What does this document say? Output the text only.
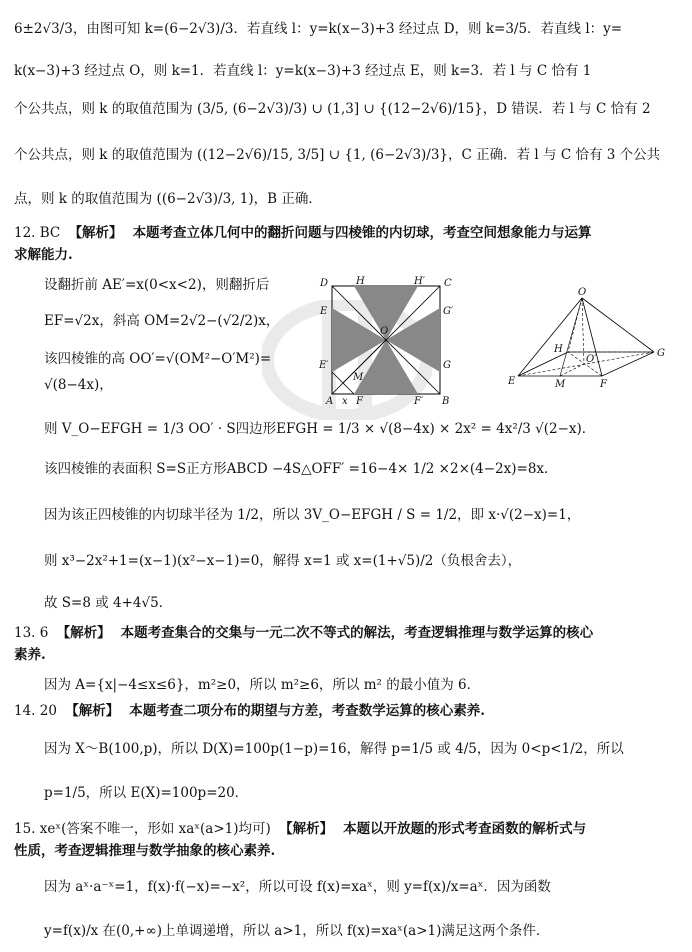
6±2√3/3，由图可知 k=(6−2√3)/3．若直线 l：y=k(x−3)+3 经过点 D，则 k=3/5．若直线 l：y=
k(x−3)+3 经过点 O，则 k=1．若直线 l：y=k(x−3)+3 经过点 E，则 k=3．若 l 与 C 恰有 1
个公共点，则 k 的取值范围为 (3/5, (6−2√3)/3) ∪ (1,3] ∪ {(12−2√6)/15}，D 错误．若 l 与 C 恰有 2
个公共点，则 k 的取值范围为 ((12−2√6)/15, 3/5] ∪ {1, (6−2√3)/3}，C 正确．若 l 与 C 恰有 3 个公共
点，则 k 的取值范围为 ((6−2√3)/3, 1)，B 正确．
12. BC 【解析】 本题考查立体几何中的翻折问题与四棱锥的内切球，考查空间想象能力与运算
求解能力.
设翻折前 AE′=x(0<x<2)，则翻折后
EF=√2x，斜高 OM=2√2−(√2/2)x，
该四棱锥的高 OO′=√(OM²−O′M²)=
√(8−4x)，
则 V_O−EFGH = 1/3 OO′ · S四边形EFGH = 1/3 × √(8−4x) × 2x² = 4x²/3 √(2−x)．
该四棱锥的表面积 S=S正方形ABCD −4S△OFF′ =16−4× 1/2 ×2×(4−2x)=8x．
因为该正四棱锥的内切球半径为 1/2，所以 3V_O−EFGH / S = 1/2，即 x·√(2−x)=1，
则 x³−2x²+1=(x−1)(x²−x−1)=0，解得 x=1 或 x=(1+√5)/2（负根舍去），
故 S=8 或 4+4√5．
D	H	H′ C
E	G′
O
G
E′
M
A x F	F′ B
O
H
O′
G
E	M	F
13. 6 【解析】 本题考查集合的交集与一元二次不等式的解法，考查逻辑推理与数学运算的核心
素养.
因为 A={x|−4≤x≤6}，m²≥0，所以 m²≥6，所以 m² 的最小值为 6．
14. 20 【解析】 本题考查二项分布的期望与方差，考查数学运算的核心素养.
因为 X～B(100,p)，所以 D(X)=100p(1−p)=16，解得 p=1/5 或 4/5，因为 0<p<1/2，所以
p=1/5，所以 E(X)=100p=20．
15. xeˣ(答案不唯一，形如 xaˣ(a>1)均可) 【解析】 本题以开放题的形式考查函数的解析式与
性质，考查逻辑推理与数学抽象的核心素养.
因为 aˣ·a⁻ˣ=1，f(x)·f(−x)=−x²，所以可设 f(x)=xaˣ，则 y=f(x)/x=aˣ．因为函数
y=f(x)/x 在(0,+∞)上单调递增，所以 a>1，所以 f(x)=xaˣ(a>1)满足这两个条件．
